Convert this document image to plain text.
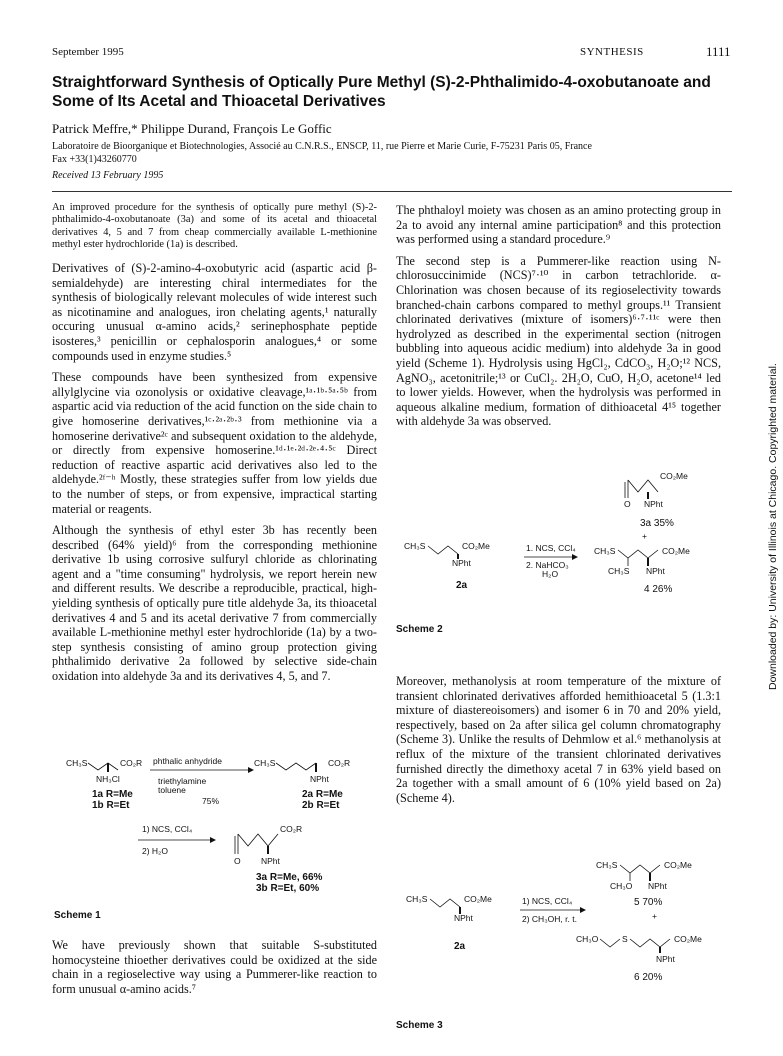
September 1995	SYNTHESIS	1111
Straightforward Synthesis of Optically Pure Methyl (S)-2-Phthalimido-4-oxobutanoate and Some of Its Acetal and Thioacetal Derivatives
Patrick Meffre,* Philippe Durand, François Le Goffic
Laboratoire de Bioorganique et Biotechnologies, Associé au C.N.R.S., ENSCP, 11, rue Pierre et Marie Curie, F-75231 Paris 05, France
Fax +33(1)43260770
Received 13 February 1995
An improved procedure for the synthesis of optically pure methyl (S)-2-phthalimido-4-oxobutanoate (3a) and some of its acetal and thioacetal derivatives 4, 5 and 7 from cheap commercially available L-methionine methyl ester hydrochloride (1a) is described.

Derivatives of (S)-2-amino-4-oxobutyric acid (aspartic acid β-semialdehyde) are interesting chiral intermediates for the synthesis of biologically relevant molecules of wide interest such as nicotinamine and analogues, iron chelating agents,¹ naturally occuring unusual α-amino acids,² serinephosphate peptide isosteres,³ penicillin or cephalosporin analogues,⁴ or some compounds used in enzyme studies.⁵

These compounds have been synthesized from expensive allylglycine via ozonolysis or oxidative cleavage,¹ᵃ·¹ᵇ·⁵ᵃ·⁵ᵇ from aspartic acid via reduction of the acid function on the side chain to give homoserine derivatives,¹ᶜ·²ᵃ·²ᵇ·³ from methionine via a homoserine derivative²ᶜ and subsequent oxidation to the aldehyde, or directly from expensive homoserine.¹ᵈ·¹ᵉ·²ᵈ·²ᵉ·⁴·⁵ᶜ Direct reduction of reactive aspartic acid derivatives also led to the aldehyde.²ᶠ⁻ʰ Mostly, these strategies suffer from low yields due to the number of steps, or from expensive, impractical starting material or reagents.

Although the synthesis of ethyl ester 3b has recently been described (64% yield)⁶ from the corresponding methionine derivative 1b using corrosive sulfuryl chloride as chlorinating agent and a "time consuming" hydrolysis, we report herein new and different results. We describe a reproducible, practical, high-yielding synthesis of optically pure title aldehyde 3a, its thioacetal derivatives 4 and 5 and its acetal derivative 7 from commercially available L-methionine methyl ester hydrochloride (1a) by a two-step synthesis consisting of amino group protection giving phthalimido derivative 2a followed by selective side-chain oxidation into aldehyde 3a and its derivatives 4, 5, and 7.

CH₃S	CO₂R
NH₃Cl
1a R=Me
1b R=Et
phthalic anhydride
triethylamine
toluene
75%
CH₃S	CO₂R
NPht
2a R=Me
2b R=Et
1) NCS, CCl₄
2) H₂O
O
CO₂R
NPht
3a R=Me, 66%
3b R=Et, 60%
Scheme 1

We have previously shown that suitable S-substituted homocysteine thioether derivatives could be oxidized at the side chain in a regioselective way using a Pummerer-like reaction to form unusual α-amino acids.⁷

The phthaloyl moiety was chosen as an amino protecting group in 2a to avoid any internal amine participation⁸ and this protection was performed using a standard procedure.⁹

The second step is a Pummerer-like reaction using N-chlorosuccinimide (NCS)⁷·¹⁰ in carbon tetrachloride. α-Chlorination was chosen because of its regioselectivity towards branched-chain carbons compared to methyl groups.¹¹ Transient chlorinated derivatives (mixture of isomers)⁶·⁷·¹¹ᶜ were then hydrolyzed as described in the experimental section (nitrogen bubbling into aqueous acidic medium) into aldehyde 3a in good yield (Scheme 1). Hydrolysis using HgCl₂, CdCO₃, H₂O;¹² NCS, AgNO₃, acetonitrile;¹³ or CuCl₂. 2H₂O, CuO, H₂O, acetone¹⁴ led to lower yields. However, when the hydrolysis was performed in aqueous alkaline medium, formation of dithioacetal 4¹⁵ together with aldehyde 3a was observed.

CO₂Me
O NPht
3a 35%
+
CH₃S	CO₂Me
NPht
2a
1. NCS, CCl₄
2. NaHCO₃
H₂O
CH₃S	CO₂Me
CH₃S NPht
4 26%
Scheme 2

Moreover, methanolysis at room temperature of the mixture of transient chlorinated derivatives afforded hemithioacetal 5 (1.3:1 mixture of diastereoisomers) and isomer 6 in 70 and 20% yield, respectively, based on 2a after silica gel column chromatography (Scheme 3). Unlike the results of Dehmlow et al.⁶ methanolysis at reflux of the mixture of the transient chlorinated derivatives furnished directly the dimethoxy acetal 7 in 63% yield based on 2a together with a small amount of 6 (10% yield based on 2a) (Scheme 4).

CH₃S	CO₂Me
CH₃O NPht
5 70%
+
CH₃S	CO₂Me
NPht
2a
1) NCS, CCl₄
2) CH₃OH, r. t.
CH₃O	S	CO₂Me
NPht
6 20%
Scheme 3
Downloaded by: University of Illinois at Chicago. Copyrighted material.
